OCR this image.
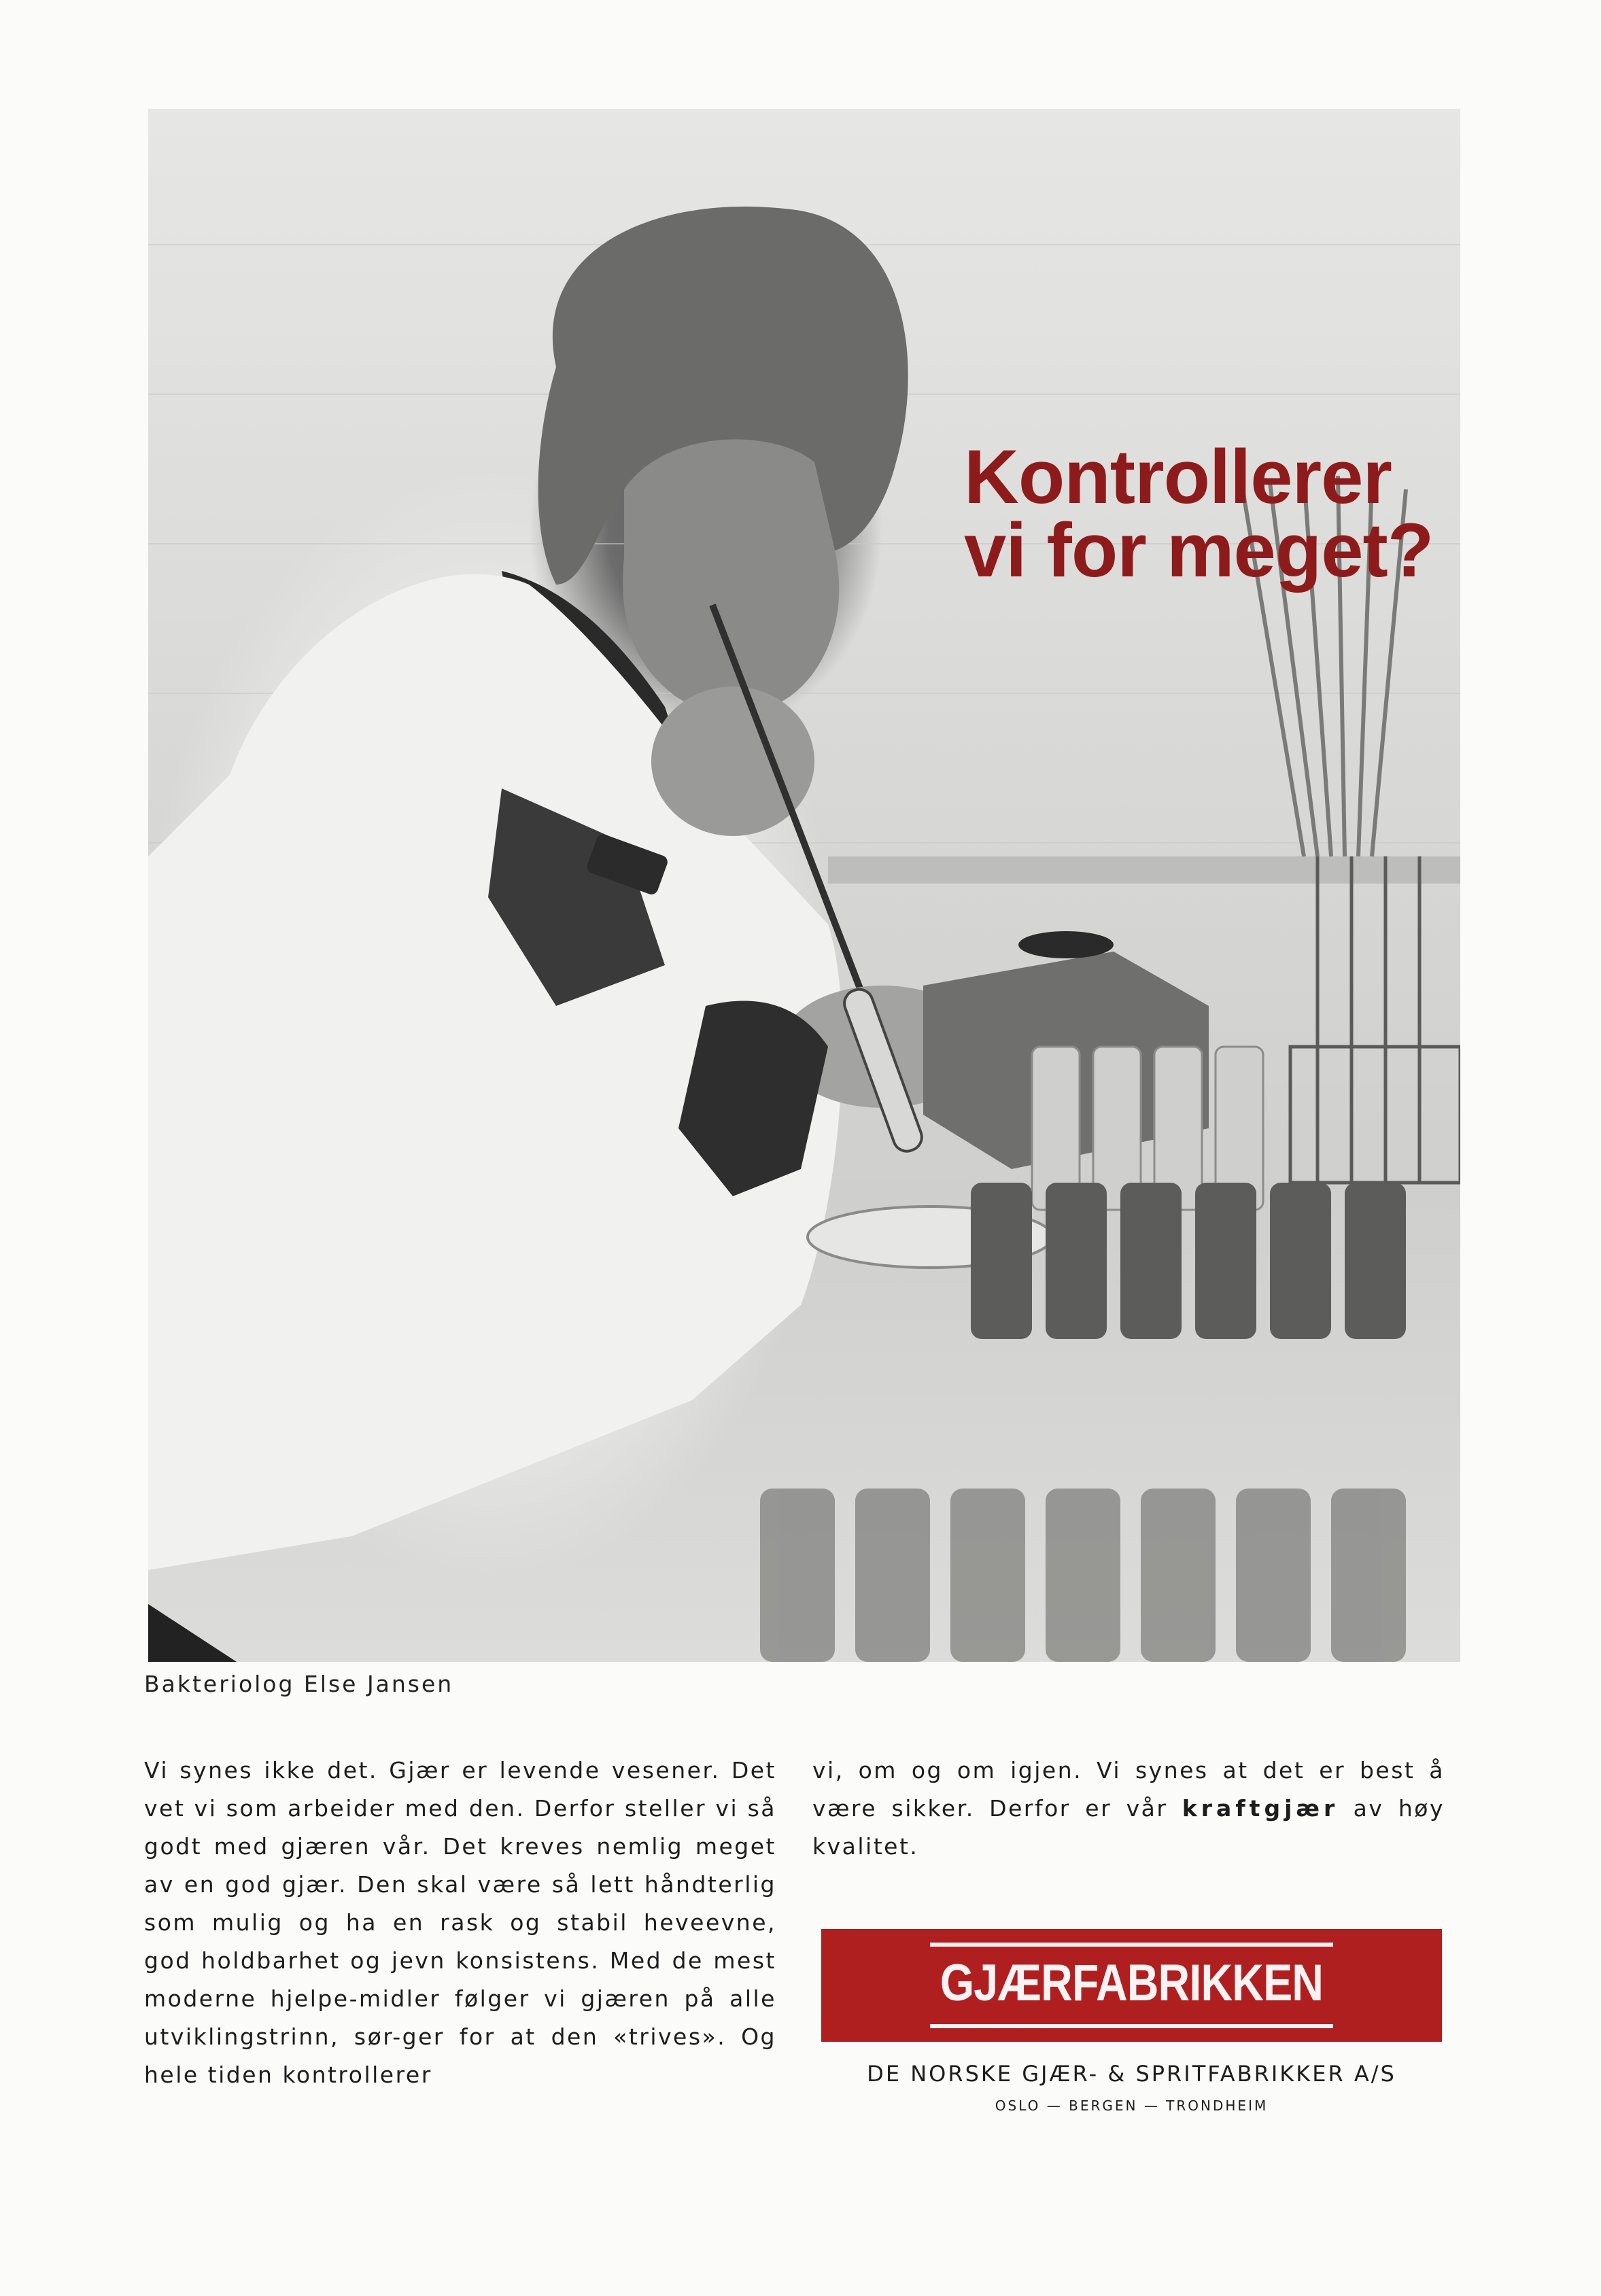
Kontrollerer
vi for meget?
Bakteriolog Else Jansen

Vi synes ikke det. Gjær er levende vesener. Det vet vi som arbeider med den. Derfor steller vi så godt med gjæren vår. Det kreves nemlig meget av en god gjær. Den skal være så lett håndterlig som mulig og ha en rask og stabil heveevne, god holdbarhet og jevn konsistens. Med de mest moderne hjelpe-midler følger vi gjæren på alle utviklingstrinn, sør-ger for at den «trives». Og hele tiden kontrollerer

vi, om og om igjen. Vi synes at det er best å være sikker. Derfor er vår kraftgjær av høy kvalitet.

GJÆRFABRIKKEN
DE NORSKE GJÆR- & SPRITFABRIKKER A/S
OSLO — BERGEN — TRONDHEIM
